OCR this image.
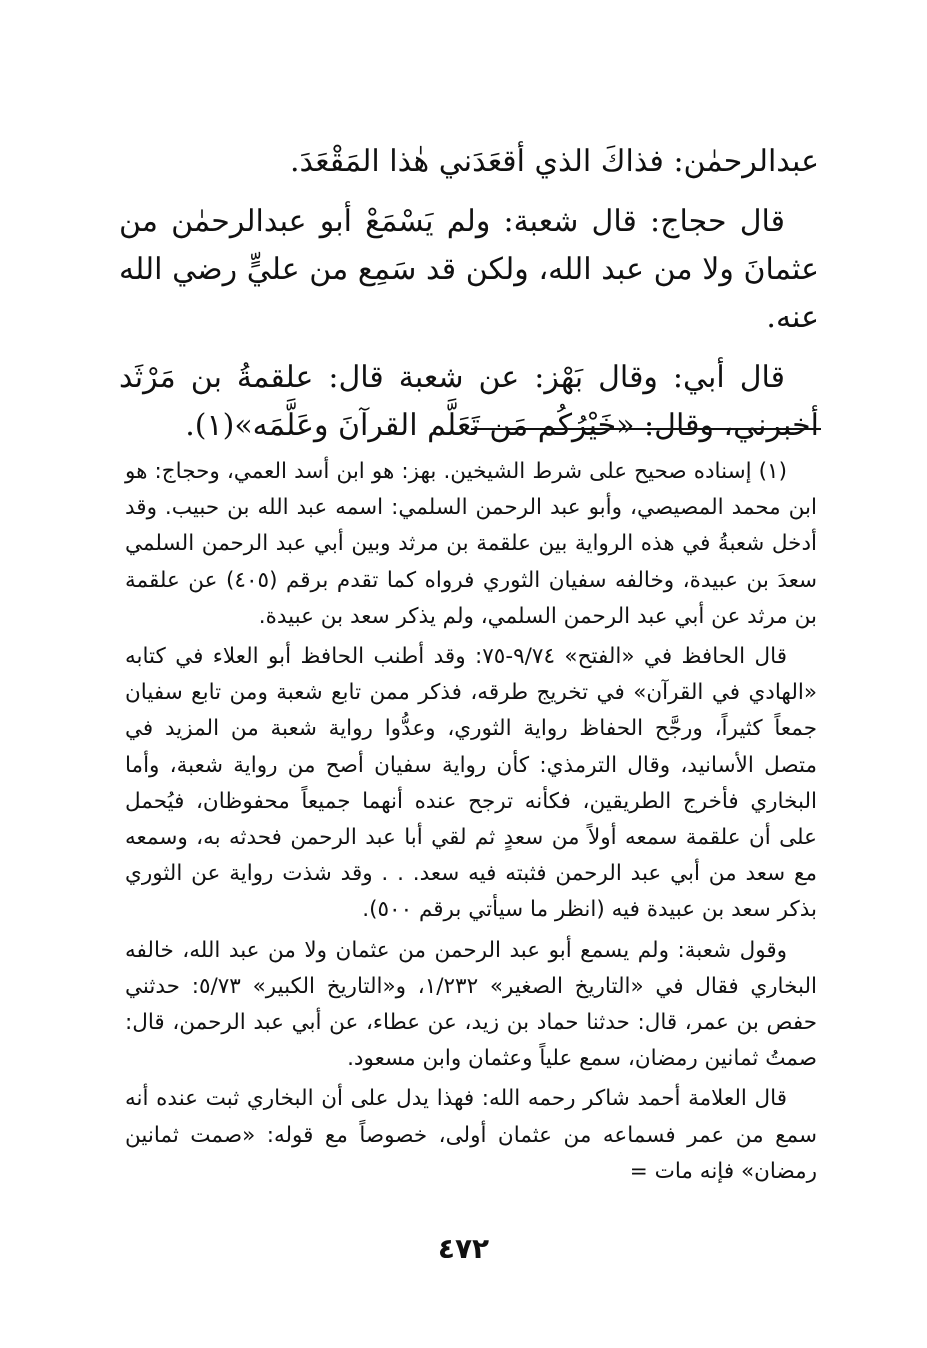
عبدالرحمٰن: فذاكَ الذي أقعَدَني هٰذا المَقْعَدَ.

قال حجاج: قال شعبة: ولم يَسْمَعْ أبو عبدالرحمٰن من عثمانَ ولا من عبد الله، ولكن قد سَمِع من عليٍّ رضي الله عنه.

قال أبي: وقال بَهْز: عن شعبة قال: علقمةُ بن مَرْثَد أخبرني، وقال: «خَيْرُكُم مَن تَعَلَّم القرآنَ وعَلَّمَه»(١).

(١) إسناده صحيح على شرط الشيخين. بهز: هو ابن أسد العمي، وحجاج: هو ابن محمد المصيصي، وأبو عبد الرحمن السلمي: اسمه عبد الله بن حبيب. وقد أدخل شعبةُ في هذه الرواية بين علقمة بن مرثد وبين أبي عبد الرحمن السلمي سعدَ بن عبيدة، وخالفه سفيان الثوري فرواه كما تقدم برقم (٤٠٥) عن علقمة بن مرثد عن أبي عبد الرحمن السلمي، ولم يذكر سعد بن عبيدة.

قال الحافظ في «الفتح» ٩/٧٤-٧٥: وقد أطنب الحافظ أبو العلاء في كتابه «الهادي في القرآن» في تخريج طرقه، فذكر ممن تابع شعبة ومن تابع سفيان جمعاً كثيراً، ورجَّح الحفاظ رواية الثوري، وعدُّوا رواية شعبة من المزيد في متصل الأسانيد، وقال الترمذي: كأن رواية سفيان أصح من رواية شعبة، وأما البخاري فأخرج الطريقين، فكأنه ترجح عنده أنهما جميعاً محفوظان، فيُحمل على أن علقمة سمعه أولاً من سعدٍ ثم لقي أبا عبد الرحمن فحدثه به، وسمعه مع سعد من أبي عبد الرحمن فثبته فيه سعد. . . وقد شذت رواية عن الثوري بذكر سعد بن عبيدة فيه (انظر ما سيأتي برقم ٥٠٠).

وقول شعبة: ولم يسمع أبو عبد الرحمن من عثمان ولا من عبد الله، خالفه البخاري فقال في «التاريخ الصغير» ١/٢٣٢، و«التاريخ الكبير» ٥/٧٣: حدثني حفص بن عمر، قال: حدثنا حماد بن زيد، عن عطاء، عن أبي عبد الرحمن، قال: صمتُ ثمانين رمضان، سمع علياً وعثمان وابن مسعود.

قال العلامة أحمد شاكر رحمه الله: فهذا يدل على أن البخاري ثبت عنده أنه سمع من عمر فسماعه من عثمان أولى، خصوصاً مع قوله: «صمت ثمانين رمضان» فإنه مات =

٤٧٢
